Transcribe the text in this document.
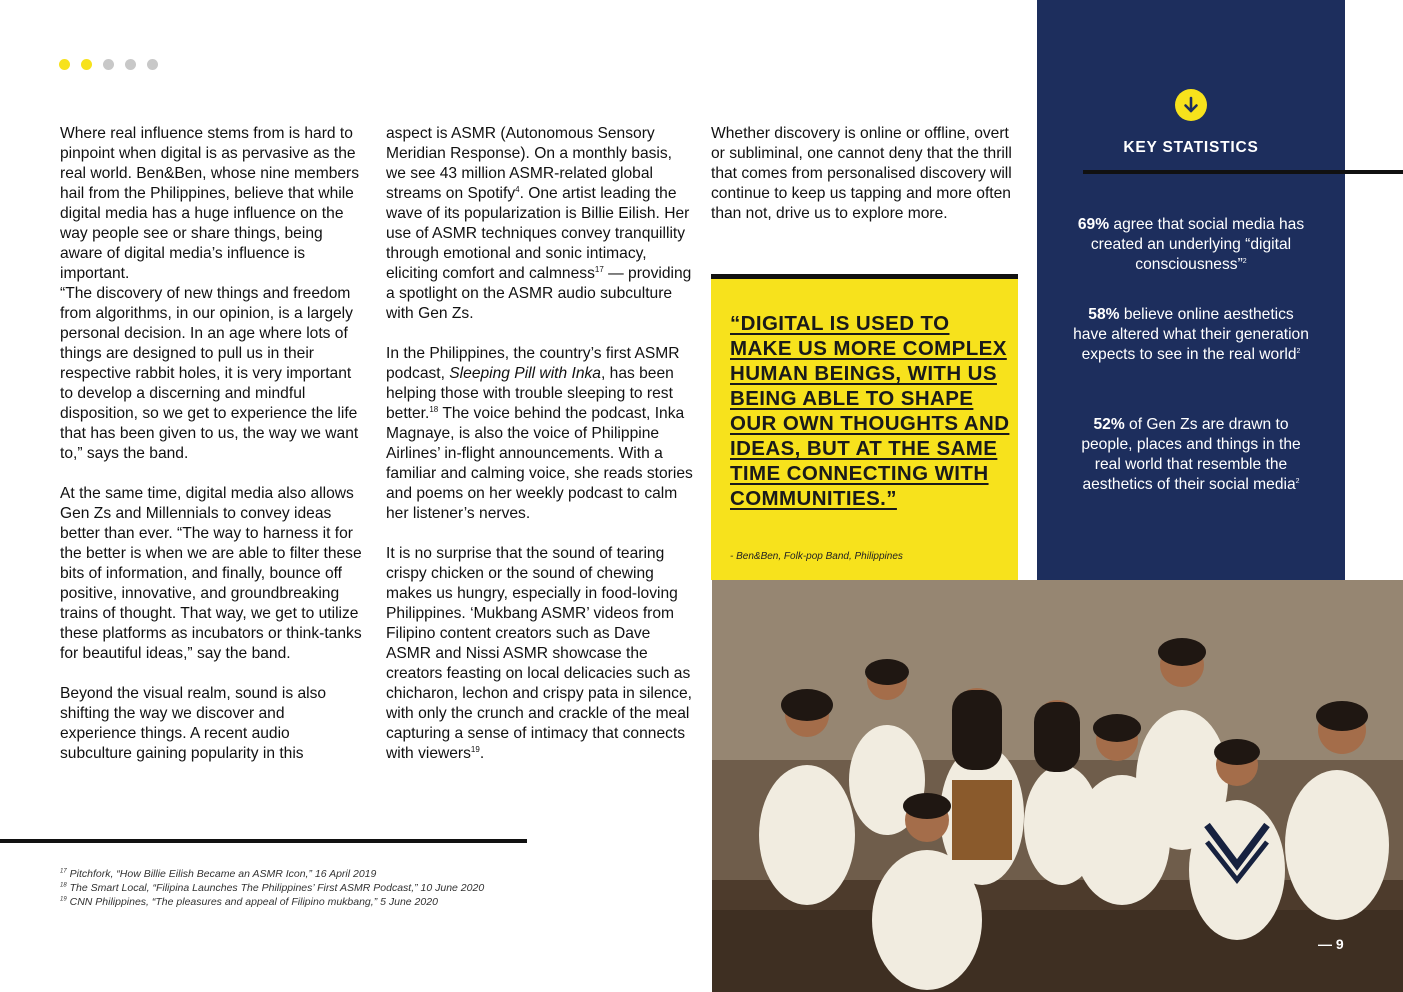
Where real influence stems from is hard to pinpoint when digital is as pervasive as the real world. Ben&Ben, whose nine members hail from the Philippines, believe that while digital media has a huge influence on the way people see or share things, being aware of digital media’s influence is important.

“The discovery of new things and freedom from algorithms, in our opinion, is a largely personal decision. In an age where lots of things are designed to pull us in their respective rabbit holes, it is very important to develop a discerning and mindful disposition, so we get to experience the life that has been given to us, the way we want to,” says the band.

At the same time, digital media also allows Gen Zs and Millennials to convey ideas better than ever. “The way to harness it for the better is when we are able to filter these bits of information, and finally, bounce off positive, innovative, and groundbreaking trains of thought. That way, we get to utilize these platforms as incubators or think-tanks for beautiful ideas,” say the band.

Beyond the visual realm, sound is also shifting the way we discover and experience things. A recent audio subculture gaining popularity in this

aspect is ASMR (Autonomous Sensory Meridian Response). On a monthly basis, we see 43 million ASMR-related global streams on Spotify$^4$. One artist leading the wave of its popularization is Billie Eilish. Her use of ASMR techniques convey tranquillity through emotional and sonic intimacy, eliciting comfort and calmness$^{17}$ — providing a spotlight on the ASMR audio subculture with Gen Zs.

In the Philippines, the country’s first ASMR podcast, Sleeping Pill with Inka, has been helping those with trouble sleeping to rest better.$^{18}$ The voice behind the podcast, Inka Magnaye, is also the voice of Philippine Airlines’ in-flight announcements. With a familiar and calming voice, she reads stories and poems on her weekly podcast to calm her listener’s nerves.

It is no surprise that the sound of tearing crispy chicken or the sound of chewing makes us hungry, especially in food-loving Philippines. ‘Mukbang ASMR’ videos from Filipino content creators such as Dave ASMR and Nissi ASMR showcase the creators feasting on local delicacies such as chicharon, lechon and crispy pata in silence, with only the crunch and crackle of the meal capturing a sense of intimacy that connects with viewers$^{19}$.

Whether discovery is online or offline, overt or subliminal, one cannot deny that the thrill that comes from personalised discovery will continue to keep us tapping and more often than not, drive us to explore more.

“DIGITAL IS USED TO MAKE US MORE COMPLEX HUMAN BEINGS, WITH US BEING ABLE TO SHAPE OUR OWN THOUGHTS AND IDEAS, BUT AT THE SAME TIME CONNECTING WITH COMMUNITIES.”
- Ben&Ben, Folk-pop Band, Philippines
$^{17}$ Pitchfork, “How Billie Eilish Became an ASMR Icon,” 16 April 2019
$^{18}$ The Smart Local, “Filipina Launches The Philippines’ First ASMR Podcast,” 10 June 2020
$^{19}$ CNN Philippines, “The pleasures and appeal of Filipino mukbang,” 5 June 2020
KEY STATISTICS
69% agree that social media has created an underlying “digital consciousness”$^2$
58% believe online aesthetics have altered what their generation expects to see in the real world$^2$
52% of Gen Zs are drawn to people, places and things in the real world that resemble the aesthetics of their social media$^2$
— 9
